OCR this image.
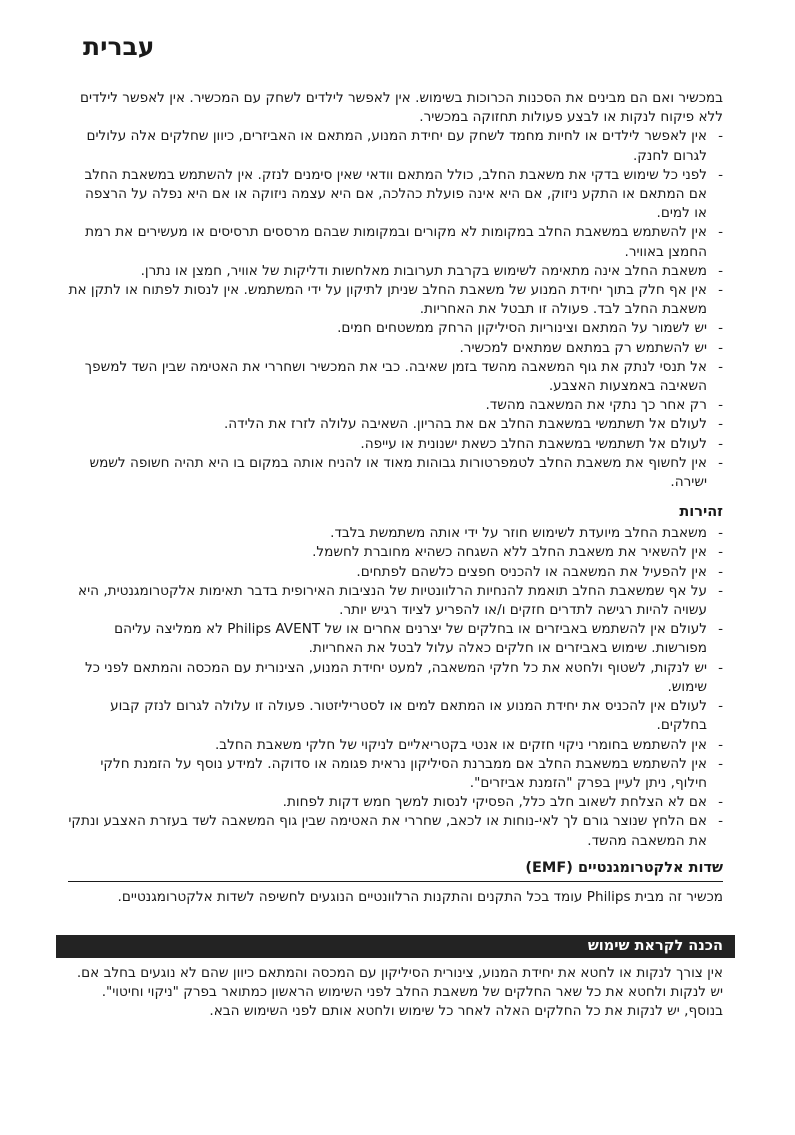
עברית

במכשיר ואם הם מבינים את הסכנות הכרוכות בשימוש. אין לאפשר לילדים לשחק עם המכשיר. אין לאפשר לילדים ללא פיקוח לנקות או לבצע פעולות תחזוקה במכשיר.

-
אין לאפשר לילדים או לחיות מחמד לשחק עם יחידת המנוע, המתאם או האביזרים, כיוון שחלקים אלה עלולים לגרום לחנק.
-
לפני כל שימוש בדקי את משאבת החלב, כולל המתאם וודאי שאין סימנים לנזק. אין להשתמש במשאבת החלב אם המתאם או התקע ניזוק, אם היא אינה פועלת כהלכה, אם היא עצמה ניזוקה או אם היא נפלה על הרצפה או למים.
-
אין להשתמש במשאבת החלב במקומות לא מקורים ובמקומות שבהם מרססים תרסיסים או מעשירים את רמת החמצן באוויר.
-
משאבת החלב אינה מתאימה לשימוש בקרבת תערובות מאלחשות ודליקות של אוויר, חמצן או נתרן.
-
אין אף חלק בתוך יחידת המנוע של משאבת החלב שניתן לתיקון על ידי המשתמש. אין לנסות לפתוח או לתקן את משאבת החלב לבד. פעולה זו תבטל את האחריות.
-
יש לשמור על המתאם וצינוריות הסיליקון הרחק ממשטחים חמים.
-
יש להשתמש רק במתאם שמתאים למכשיר.
-
אל תנסי לנתק את גוף המשאבה מהשד בזמן שאיבה. כבי את המכשיר ושחררי את האטימה שבין השד למשפך השאיבה באמצעות האצבע.
-
רק אחר כך נתקי את המשאבה מהשד.
-
לעולם אל תשתמשי במשאבת החלב אם את בהריון. השאיבה עלולה לזרז את הלידה.
-
לעולם אל תשתמשי במשאבת החלב כשאת ישנונית או עייפה.
-
אין לחשוף את משאבת החלב לטמפרטורות גבוהות מאוד או להניח אותה במקום בו היא תהיה חשופה לשמש ישירה.
זהירות
-
משאבת החלב מיועדת לשימוש חוזר על ידי אותה משתמשת בלבד.
-
אין להשאיר את משאבת החלב ללא השגחה כשהיא מחוברת לחשמל.
-
אין להפעיל את המשאבה או להכניס חפצים כלשהם לפתחים.
-
על אף שמשאבת החלב תואמת להנחיות הרלוונטיות של הנציבות האירופית בדבר תאימות אלקטרומגנטית, היא עשויה להיות רגישה לתדרים חזקים ו/או להפריע לציוד רגיש יותר.
-
לעולם אין להשתמש באביזרים או בחלקים של יצרנים אחרים או של Philips AVENT לא ממליצה עליהם מפורשות. שימוש באביזרים או חלקים כאלה עלול לבטל את האחריות.
-
יש לנקות, לשטוף ולחטא את כל חלקי המשאבה, למעט יחידת המנוע, הצינורית עם המכסה והמתאם לפני כל שימוש.
-
לעולם אין להכניס את יחידת המנוע או המתאם למים או לסטריליזטור. פעולה זו עלולה לגרום לנזק קבוע בחלקים.
-
אין להשתמש בחומרי ניקוי חזקים או אנטי בקטריאליים לניקוי של חלקי משאבת החלב.
-
אין להשתמש במשאבת החלב אם ממברנת הסיליקון נראית פגומה או סדוקה. למידע נוסף על הזמנת חלקי חילוף, ניתן לעיין בפרק "הזמנת אביזרים".
-
אם לא הצלחת לשאוב חלב כלל, הפסיקי לנסות למשך חמש דקות לפחות.
-
אם הלחץ שנוצר גורם לך לאי-נוחות או לכאב, שחררי את האטימה שבין גוף המשאבה לשד בעזרת האצבע ונתקי את המשאבה מהשד.
שדות אלקטרומגנטיים (EMF)

מכשיר זה מבית Philips עומד בכל התקנים והתקנות הרלוונטיים הנוגעים לחשיפה לשדות אלקטרומגנטיים.

הכנה לקראת שימוש

אין צורך לנקות או לחטא את יחידת המנוע, צינורית הסיליקון עם המכסה והמתאם כיוון שהם לא נוגעים בחלב אם.

יש לנקות ולחטא את כל שאר החלקים של משאבת החלב לפני השימוש הראשון כמתואר בפרק "ניקוי וחיטוי". בנוסף, יש לנקות את כל החלקים האלה לאחר כל שימוש ולחטא אותם לפני השימוש הבא.
